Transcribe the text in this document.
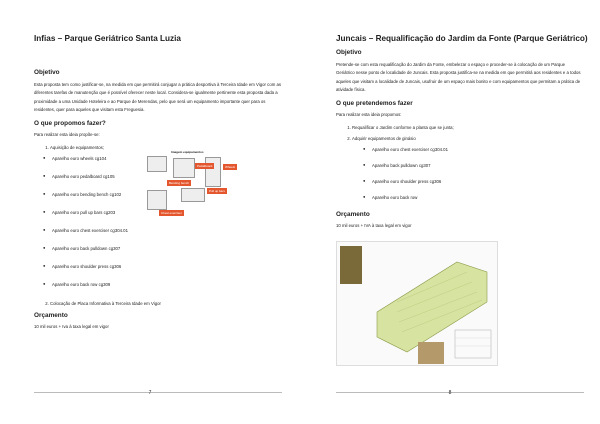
Infias – Parque Geriátrico Santa Luzia
Objetivo
Esta proposta tem como justificar-se, na medida em que permitirá conjugar a prática desportiva à Terceira Idade em Vigor com as diferentes tarefas de manutenção que é possível oferecer neste local. Considera-se igualmente pertinente esta proposta dada a proximidade a uma Unidade Hoteleira e ao Parque de Merendas, pelo que será um equipamento importante quer para os residentes, quer para aqueles que visitam esta Freguesia.
O que propomos fazer?
Para realizar esta ideia propõe-se:
1. Aquisição de equipamentos;
● Aparelho euro wheels cg104
● Aparelho euro pedalboard cg105
● Aparelho euro bending bench cg102
● Aparelho euro pull up bars cg203
● Aparelho euro chest exerciser cg304.01
● Aparelho euro back pulldown cg307
● Aparelho euro shoulder press cg306
● Aparelho euro back row cg309
2. Colocação de Placa Informativa à Terceira Idade em Vigor
Orçamento
10 mil euros + Iva à taxa legal em vigor
7
Imagem equipamentos
Pedalboard	Wheels
Bending bench
Pull up bars
Chest exerciser
Juncais – Requalificação do Jardim da Fonte (Parque Geriátrico)
Objetivo
Pretende-se com esta requalificação do Jardim da Fonte, embelezar o espaço e proceder-se à colocação de um Parque Geriátrico nesse ponto de localidade de Juncais. Esta proposta justifica-se na medida em que permitirá aos residentes e a todos aqueles que visitam a localidade de Juncais, usufruir de um espaço mais bonito e com equipamentos que permitam a prática de atividade física.
O que pretendemos fazer
Para realizar esta ideia propomos:
1. Requalificar o Jardim conforme a planta que se junta;
2. Adquirir equipamentos de ginásio
● Aparelho euro chest exerciser cg304.01
● Aparelho back pulldown cg307
● Aparelho euro shoulder press cg306
● Aparelho euro back row
Orçamento
10 mil euros + IVA à taxa legal em vigor
8
